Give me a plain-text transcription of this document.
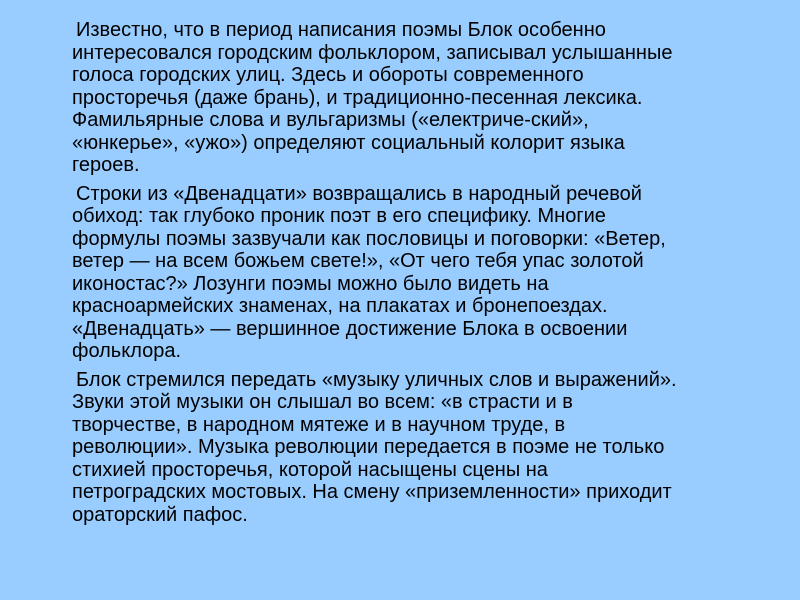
Известно, что в период написания поэмы Блок особенно
интересовался городским фольклором, записывал услышанные
голоса городских улиц. Здесь и обороты современного
просторечья (даже брань), и традиционно-песенная лексика.
Фамильярные слова и вульгаризмы («електриче-ский»,
«юнкерье», «ужо») определяют социальный колорит языка
героев.

Строки из «Двенадцати» возвращались в народный речевой
обиход: так глубоко проник поэт в его специфику. Многие
формулы поэмы зазвучали как пословицы и поговорки: «Ветер,
ветер — на всем божьем свете!», «От чего тебя упас золотой
иконостас?» Лозунги поэмы можно было видеть на
красноармейских знаменах, на плакатах и бронепоездах.
«Двенадцать» — вершинное достижение Блока в освоении
фольклора.

Блок стремился передать «музыку уличных слов и выражений».
Звуки этой музыки он слышал во всем: «в страсти и в
творчестве, в народном мятеже и в научном труде, в
революции». Музыка революции передается в поэме не только
стихией просторечья, которой насыщены сцены на
петроградских мостовых. На смену «приземленности» приходит
ораторский пафос.
